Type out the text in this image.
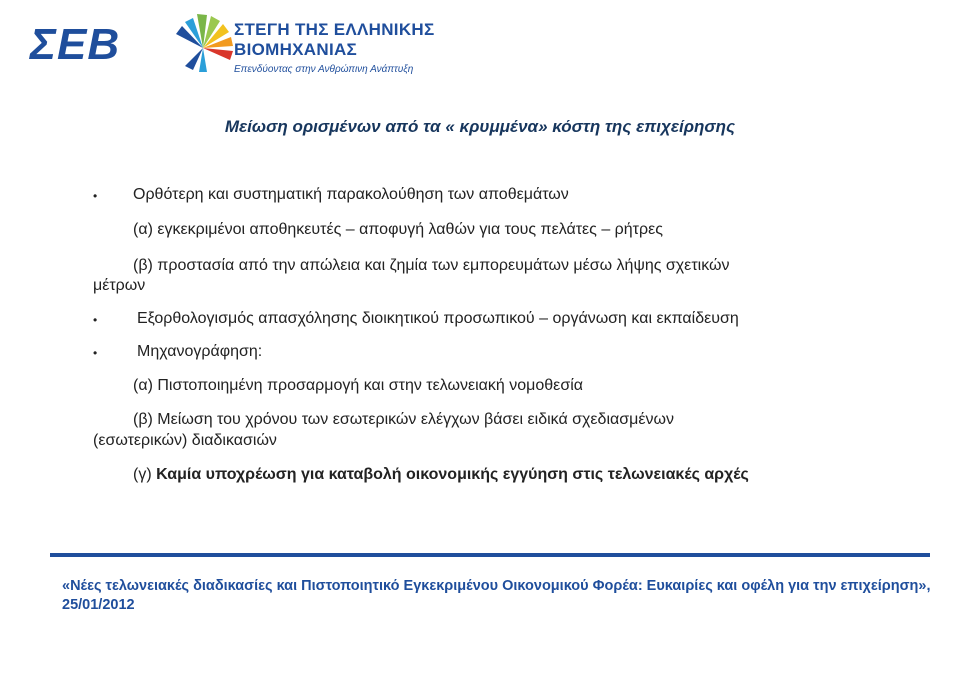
ΣΕΒ	ΣΤΕΓΗ ΤΗΣ ΕΛΛΗΝΙΚΗΣ
ΒΙΟΜΗΧΑΝΙΑΣ
Επενδύοντας στην Ανθρώπινη Ανάπτυξη
Μείωση ορισμένων από τα « κρυμμένα» κόστη της επιχείρησης
• Ορθότερη και συστηματική παρακολούθηση των αποθεμάτων
(α) εγκεκριμένοι αποθηκευτές – αποφυγή λαθών για τους πελάτες – ρήτρες
(β) προστασία από την απώλεια και ζημία των εμπορευμάτων μέσω λήψης σχετικών
μέτρων
• Εξορθολογισμός απασχόλησης διοικητικού προσωπικού – οργάνωση και εκπαίδευση
• Μηχανογράφηση:
(α) Πιστοποιημένη προσαρμογή και στην τελωνειακή νομοθεσία
(β) Μείωση του χρόνου των εσωτερικών ελέγχων βάσει ειδικά σχεδιασμένων
(εσωτερικών) διαδικασιών
(γ) Καμία υποχρέωση για καταβολή οικονομικής εγγύηση στις τελωνειακές αρχές
«Νέες τελωνειακές διαδικασίες και Πιστοποιητικό Εγκεκριμένου Οικονομικού Φορέα: Ευκαιρίες και οφέλη για την επιχείρηση», 25/01/2012
